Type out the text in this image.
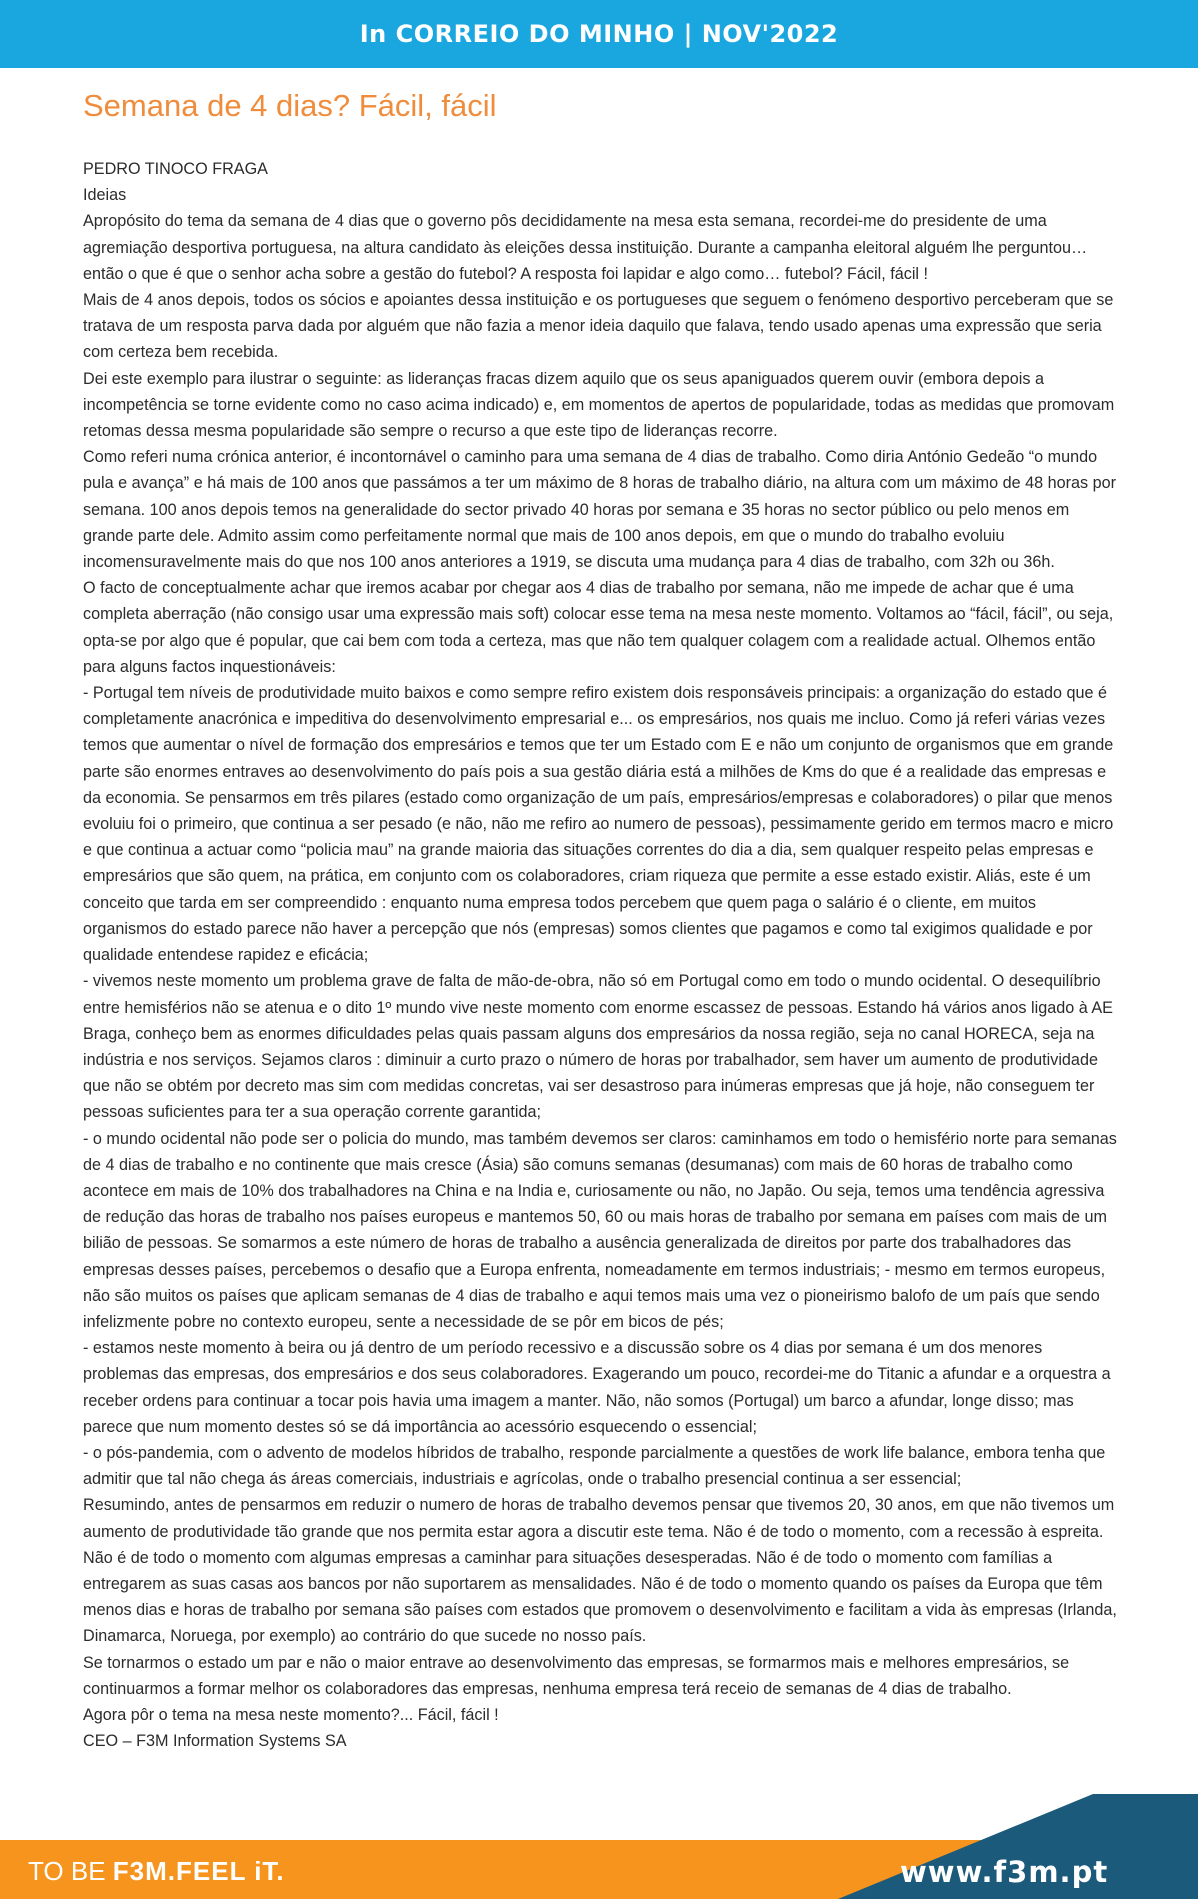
In CORREIO DO MINHO | NOV'2022
Semana de 4 dias? Fácil, fácil

PEDRO TINOCO FRAGA

Ideias

Apropósito do tema da semana de 4 dias que o governo pôs decididamente na mesa esta semana, recordei-me do presidente de uma agremiação desportiva portuguesa, na altura candidato às eleições dessa instituição. Durante a campanha eleitoral alguém lhe perguntou… então o que é que o senhor acha sobre a gestão do futebol? A resposta foi lapidar e algo como… futebol? Fácil, fácil !

Mais de 4 anos depois, todos os sócios e apoiantes dessa instituição e os portugueses que seguem o fenómeno desportivo perceberam que se tratava de um resposta parva dada por alguém que não fazia a menor ideia daquilo que falava, tendo usado apenas uma expressão que seria com certeza bem recebida.

Dei este exemplo para ilustrar o seguinte: as lideranças fracas dizem aquilo que os seus apaniguados querem ouvir (embora depois a incompetência se torne evidente como no caso acima indicado) e, em momentos de apertos de popularidade, todas as medidas que promovam retomas dessa mesma popularidade são sempre o recurso a que este tipo de lideranças recorre.

Como referi numa crónica anterior, é incontornável o caminho para uma semana de 4 dias de trabalho. Como diria António Gedeão “o mundo pula e avança” e há mais de 100 anos que passámos a ter um máximo de 8 horas de trabalho diário, na altura com um máximo de 48 horas por semana. 100 anos depois temos na generalidade do sector privado 40 horas por semana e 35 horas no sector público ou pelo menos em grande parte dele. Admito assim como perfeitamente normal que mais de 100 anos depois, em que o mundo do trabalho evoluiu incomensuravelmente mais do que nos 100 anos anteriores a 1919, se discuta uma mudança para 4 dias de trabalho, com 32h ou 36h.

O facto de conceptualmente achar que iremos acabar por chegar aos 4 dias de trabalho por semana, não me impede de achar que é uma completa aberração (não consigo usar uma expressão mais soft) colocar esse tema na mesa neste momento. Voltamos ao “fácil, fácil”, ou seja, opta-se por algo que é popular, que cai bem com toda a certeza, mas que não tem qualquer colagem com a realidade actual. Olhemos então para alguns factos inquestionáveis:

- Portugal tem níveis de produtividade muito baixos e como sempre refiro existem dois responsáveis principais: a organização do estado que é completamente anacrónica e impeditiva do desenvolvimento empresarial e... os empresários, nos quais me incluo. Como já referi várias vezes temos que aumentar o nível de formação dos empresários e temos que ter um Estado com E e não um conjunto de organismos que em grande parte são enormes entraves ao desenvolvimento do país pois a sua gestão diária está a milhões de Kms do que é a realidade das empresas e da economia. Se pensarmos em três pilares (estado como organização de um país, empresários/empresas e colaboradores) o pilar que menos evoluiu foi o primeiro, que continua a ser pesado (e não, não me refiro ao numero de pessoas), pessimamente gerido em termos macro e micro e que continua a actuar como “policia mau” na grande maioria das situações correntes do dia a dia, sem qualquer respeito pelas empresas e empresários que são quem, na prática, em conjunto com os colaboradores, criam riqueza que permite a esse estado existir. Aliás, este é um conceito que tarda em ser compreendido : enquanto numa empresa todos percebem que quem paga o salário é o cliente, em muitos organismos do estado parece não haver a percepção que nós (empresas) somos clientes que pagamos e como tal exigimos qualidade e por qualidade entendese rapidez e eficácia;

- vivemos neste momento um problema grave de falta de mão-de-obra, não só em Portugal como em todo o mundo ocidental. O desequilíbrio entre hemisférios não se atenua e o dito 1º mundo vive neste momento com enorme escassez de pessoas. Estando há vários anos ligado à AE Braga, conheço bem as enormes dificuldades pelas quais passam alguns dos empresários da nossa região, seja no canal HORECA, seja na indústria e nos serviços. Sejamos claros : diminuir a curto prazo o número de horas por trabalhador, sem haver um aumento de produtividade que não se obtém por decreto mas sim com medidas concretas, vai ser desastroso para inúmeras empresas que já hoje, não conseguem ter pessoas suficientes para ter a sua operação corrente garantida;

- o mundo ocidental não pode ser o policia do mundo, mas também devemos ser claros: caminhamos em todo o hemisfério norte para semanas de 4 dias de trabalho e no continente que mais cresce (Ásia) são comuns semanas (desumanas) com mais de 60 horas de trabalho como acontece em mais de 10% dos trabalhadores na China e na India e, curiosamente ou não, no Japão. Ou seja, temos uma tendência agressiva de redução das horas de trabalho nos países europeus e mantemos 50, 60 ou mais horas de trabalho por semana em países com mais de um bilião de pessoas. Se somarmos a este número de horas de trabalho a ausência generalizada de direitos por parte dos trabalhadores das empresas desses países, percebemos o desafio que a Europa enfrenta, nomeadamente em termos industriais; - mesmo em termos europeus, não são muitos os países que aplicam semanas de 4 dias de trabalho e aqui temos mais uma vez o pioneirismo balofo de um país que sendo infelizmente pobre no contexto europeu, sente a necessidade de se pôr em bicos de pés;

- estamos neste momento à beira ou já dentro de um período recessivo e a discussão sobre os 4 dias por semana é um dos menores problemas das empresas, dos empresários e dos seus colaboradores. Exagerando um pouco, recordei-me do Titanic a afundar e a orquestra a receber ordens para continuar a tocar pois havia uma imagem a manter. Não, não somos (Portugal) um barco a afundar, longe disso; mas parece que num momento destes só se dá importância ao acessório esquecendo o essencial;

- o pós-pandemia, com o advento de modelos híbridos de trabalho, responde parcialmente a questões de work life balance, embora tenha que admitir que tal não chega ás áreas comerciais, industriais e agrícolas, onde o trabalho presencial continua a ser essencial;

Resumindo, antes de pensarmos em reduzir o numero de horas de trabalho devemos pensar que tivemos 20, 30 anos, em que não tivemos um aumento de produtividade tão grande que nos permita estar agora a discutir este tema. Não é de todo o momento, com a recessão à espreita. Não é de todo o momento com algumas empresas a caminhar para situações desesperadas. Não é de todo o momento com famílias a entregarem as suas casas aos bancos por não suportarem as mensalidades. Não é de todo o momento quando os países da Europa que têm menos dias e horas de trabalho por semana são países com estados que promovem o desenvolvimento e facilitam a vida às empresas (Irlanda, Dinamarca, Noruega, por exemplo) ao contrário do que sucede no nosso país.

Se tornarmos o estado um par e não o maior entrave ao desenvolvimento das empresas, se formarmos mais e melhores empresários, se continuarmos a formar melhor os colaboradores das empresas, nenhuma empresa terá receio de semanas de 4 dias de trabalho.

Agora pôr o tema na mesa neste momento?... Fácil, fácil !

CEO – F3M Information Systems SA

TO BE F3M.FEEL iT.	www.f3m.pt
